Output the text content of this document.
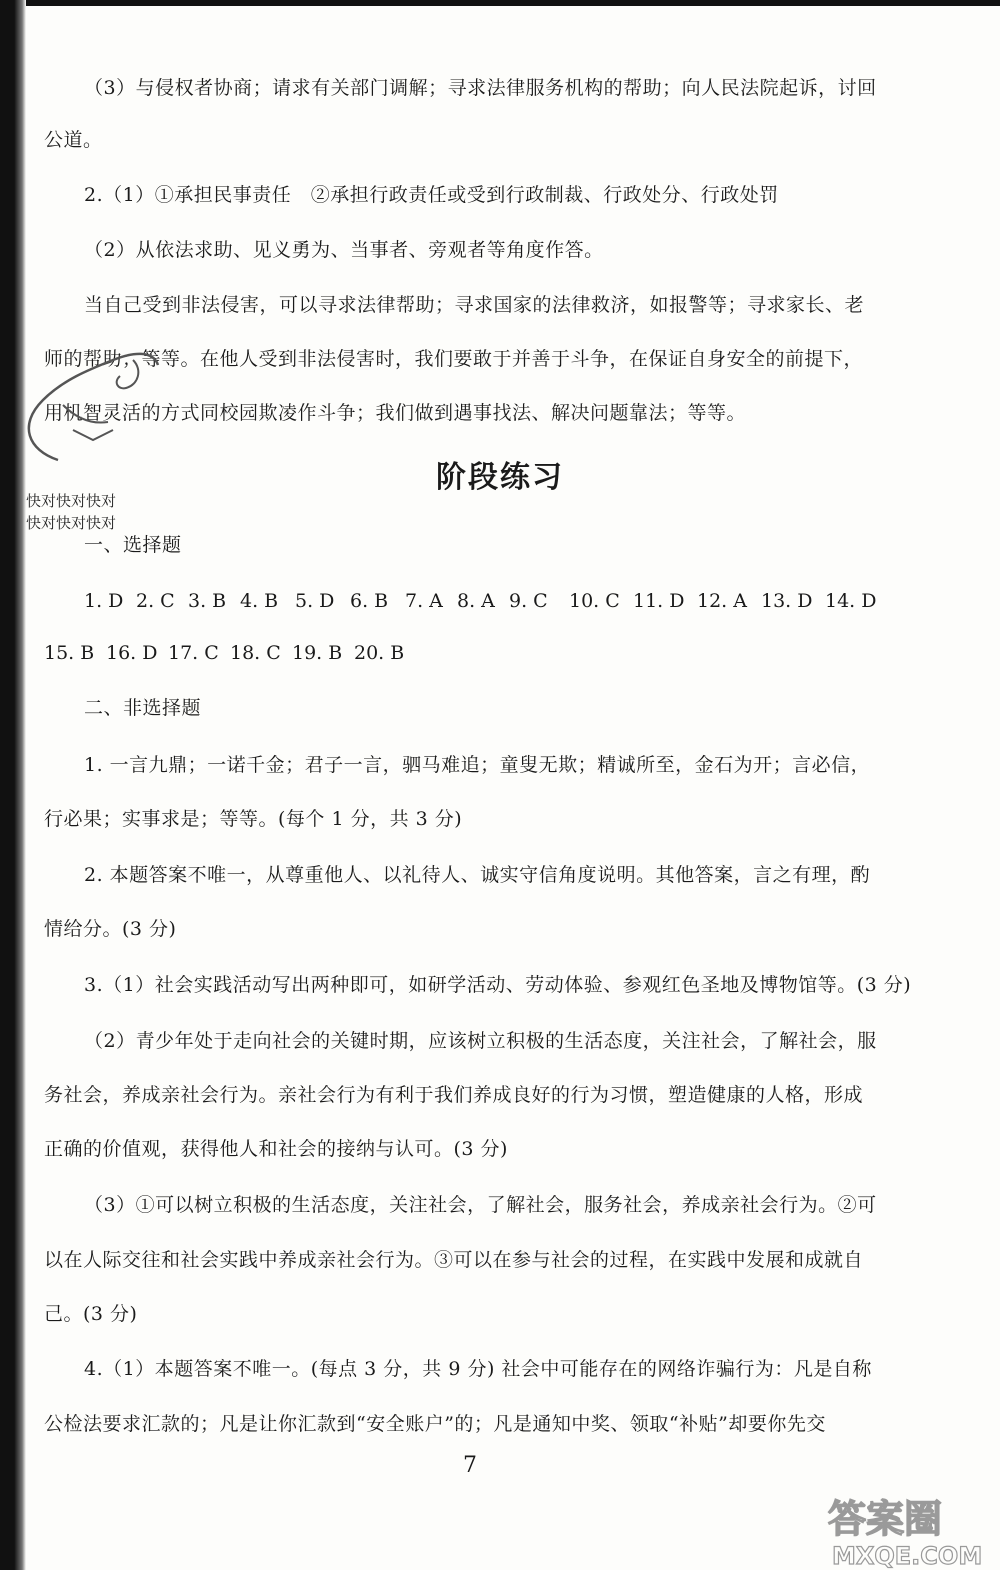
（3）与侵权者协商；请求有关部门调解；寻求法律服务机构的帮助；向人民法院起诉，讨回
公道。
2.（1）①承担民事责任　②承担行政责任或受到行政制裁、行政处分、行政处罚
（2）从依法求助、见义勇为、当事者、旁观者等角度作答。
当自己受到非法侵害，可以寻求法律帮助；寻求国家的法律救济，如报警等；寻求家长、老
师的帮助；等等。在他人受到非法侵害时，我们要敢于并善于斗争，在保证自身安全的前提下，
用机智灵活的方式同校园欺凌作斗争；我们做到遇事找法、解决问题靠法；等等。
阶段练习
快对快对快对
快对快对快对
一、选择题
1. D 2. C 3. B 4. B 5. D 6. B 7. A 8. A 9. C	10. C 11. D 12. A 13. D 14. D
15. B 16. D 17. C 18. C 19. B 20. B
二、非选择题
1. 一言九鼎；一诺千金；君子一言，驷马难追；童叟无欺；精诚所至，金石为开；言必信，
行必果；实事求是；等等。(每个 1 分，共 3 分)
2. 本题答案不唯一，从尊重他人、以礼待人、诚实守信角度说明。其他答案，言之有理，酌
情给分。(3 分)
3.（1）社会实践活动写出两种即可，如研学活动、劳动体验、参观红色圣地及博物馆等。(3 分)
（2）青少年处于走向社会的关键时期，应该树立积极的生活态度，关注社会，了解社会，服
务社会，养成亲社会行为。亲社会行为有利于我们养成良好的行为习惯，塑造健康的人格，形成
正确的价值观，获得他人和社会的接纳与认可。(3 分)
（3）①可以树立积极的生活态度，关注社会，了解社会，服务社会，养成亲社会行为。②可
以在人际交往和社会实践中养成亲社会行为。③可以在参与社会的过程，在实践中发展和成就自
己。(3 分)
4.（1）本题答案不唯一。(每点 3 分，共 9 分) 社会中可能存在的网络诈骗行为：凡是自称
公检法要求汇款的；凡是让你汇款到“安全账户”的；凡是通知中奖、领取“补贴”却要你先交
7
答案圈
MXQE.COM
